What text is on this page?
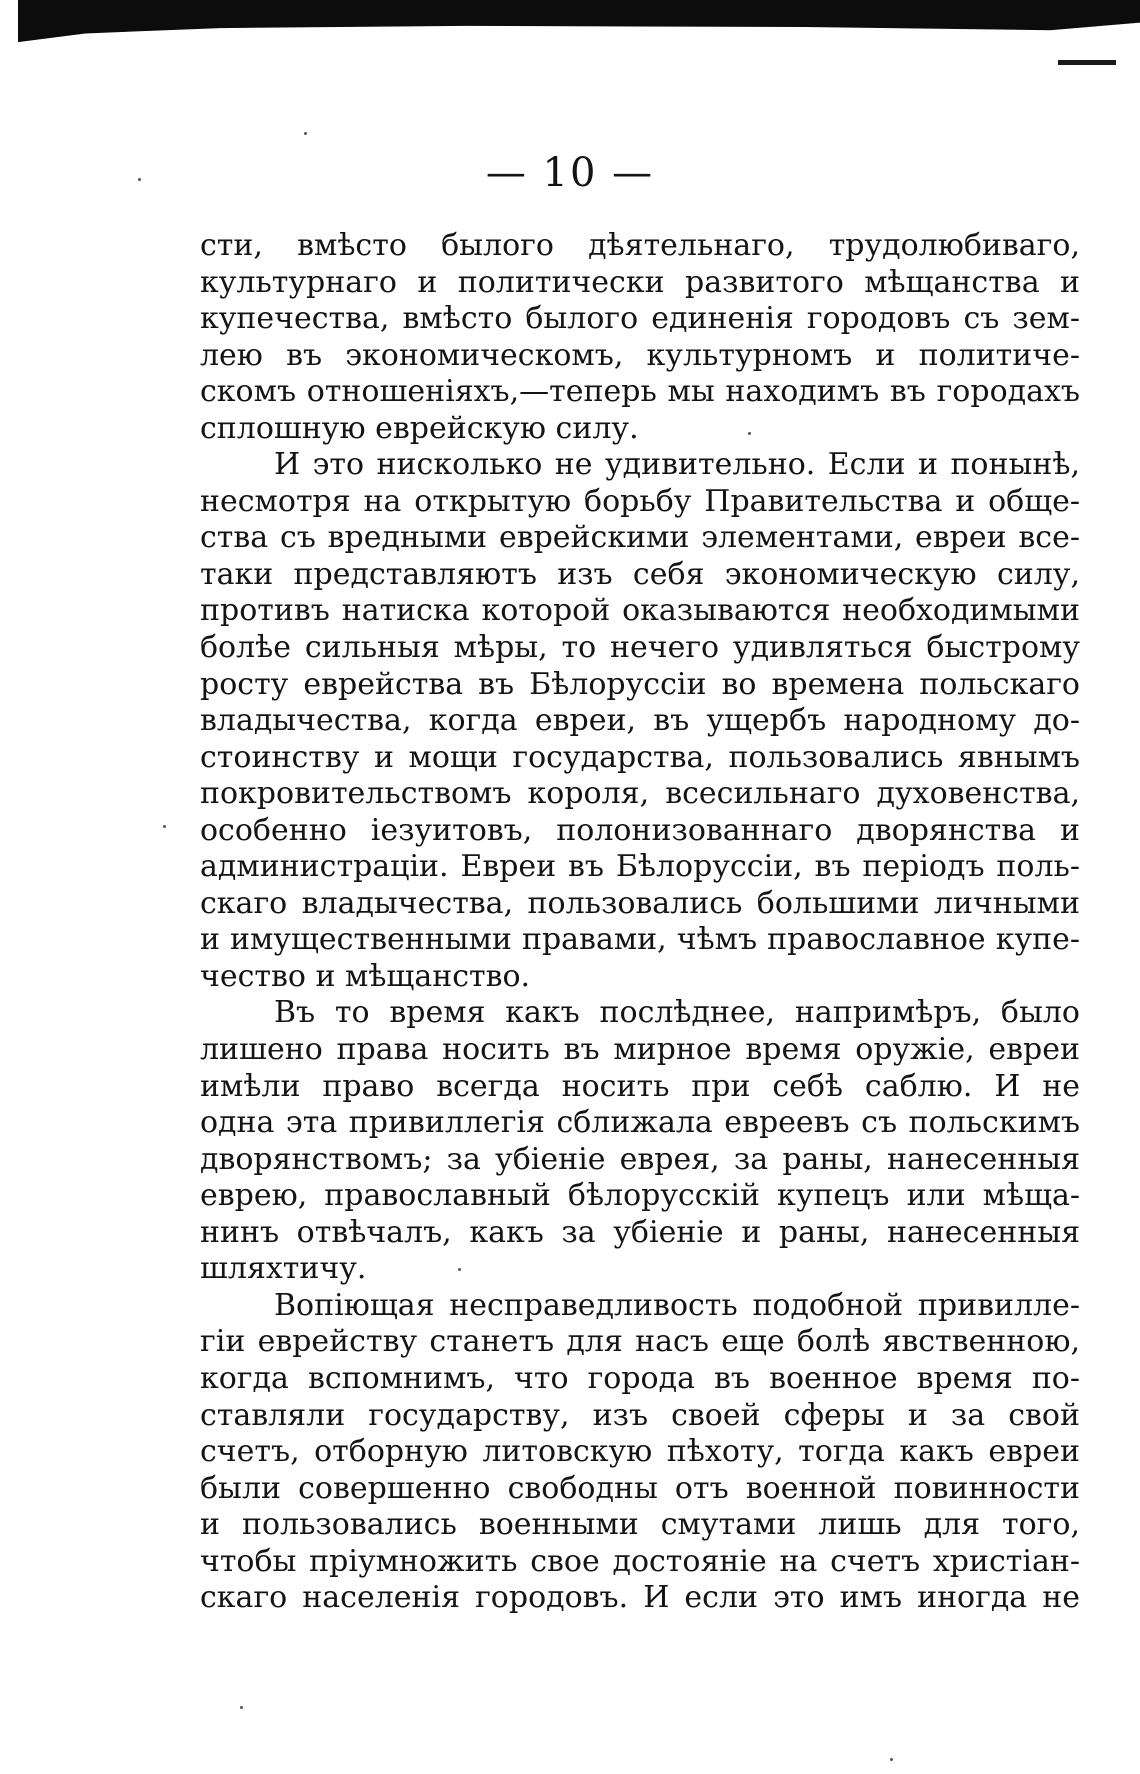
— 10 —
сти, вмѣсто былого дѣятельнаго, трудолюбиваго,
культурнаго и политически развитого мѣщанства и
купечества, вмѣсто былого единенія городовъ съ зем-
лею въ экономическомъ, культурномъ и политиче-
скомъ отношеніяхъ,—теперь мы находимъ въ городахъ
сплошную еврейскую силу.
И это нисколько не удивительно. Если и понынѣ,
несмотря на открытую борьбу Правительства и обще-
ства съ вредными еврейскими элементами, евреи все-
таки представляютъ изъ себя экономическую силу,
противъ натиска которой оказываются необходимыми
болѣе сильныя мѣры, то нечего удивляться быстрому
росту еврейства въ Бѣлоруссіи во времена польскаго
владычества, когда евреи, въ ущербъ народному до-
стоинству и мощи государства, пользовались явнымъ
покровительствомъ короля, всесильнаго духовенства,
особенно іезуитовъ, полонизованнаго дворянства и
администраціи. Евреи въ Бѣлоруссіи, въ періодъ поль-
скаго владычества, пользовались большими личными
и имущественными правами, чѣмъ православное купе-
чество и мѣщанство.
Въ то время какъ послѣднее, напримѣръ, было
лишено права носить въ мирное время оружіе, евреи
имѣли право всегда носить при себѣ саблю. И не
одна эта привиллегія сближала евреевъ съ польскимъ
дворянствомъ; за убіеніе еврея, за раны, нанесенныя
еврею, православный бѣлорусскій купецъ или мѣща-
нинъ отвѣчалъ, какъ за убіеніе и раны, нанесенныя
шляхтичу.
Вопіющая несправедливость подобной привилле-
гіи еврейству станетъ для насъ еще болѣ явственною,
когда вспомнимъ, что города въ военное время по-
ставляли государству, изъ своей сферы и за свой
счетъ, отборную литовскую пѣхоту, тогда какъ евреи
были совершенно свободны отъ военной повинности
и пользовались военными смутами лишь для того,
чтобы пріумножить свое достояніе на счетъ христіан-
скаго населенія городовъ. И если это имъ иногда не
